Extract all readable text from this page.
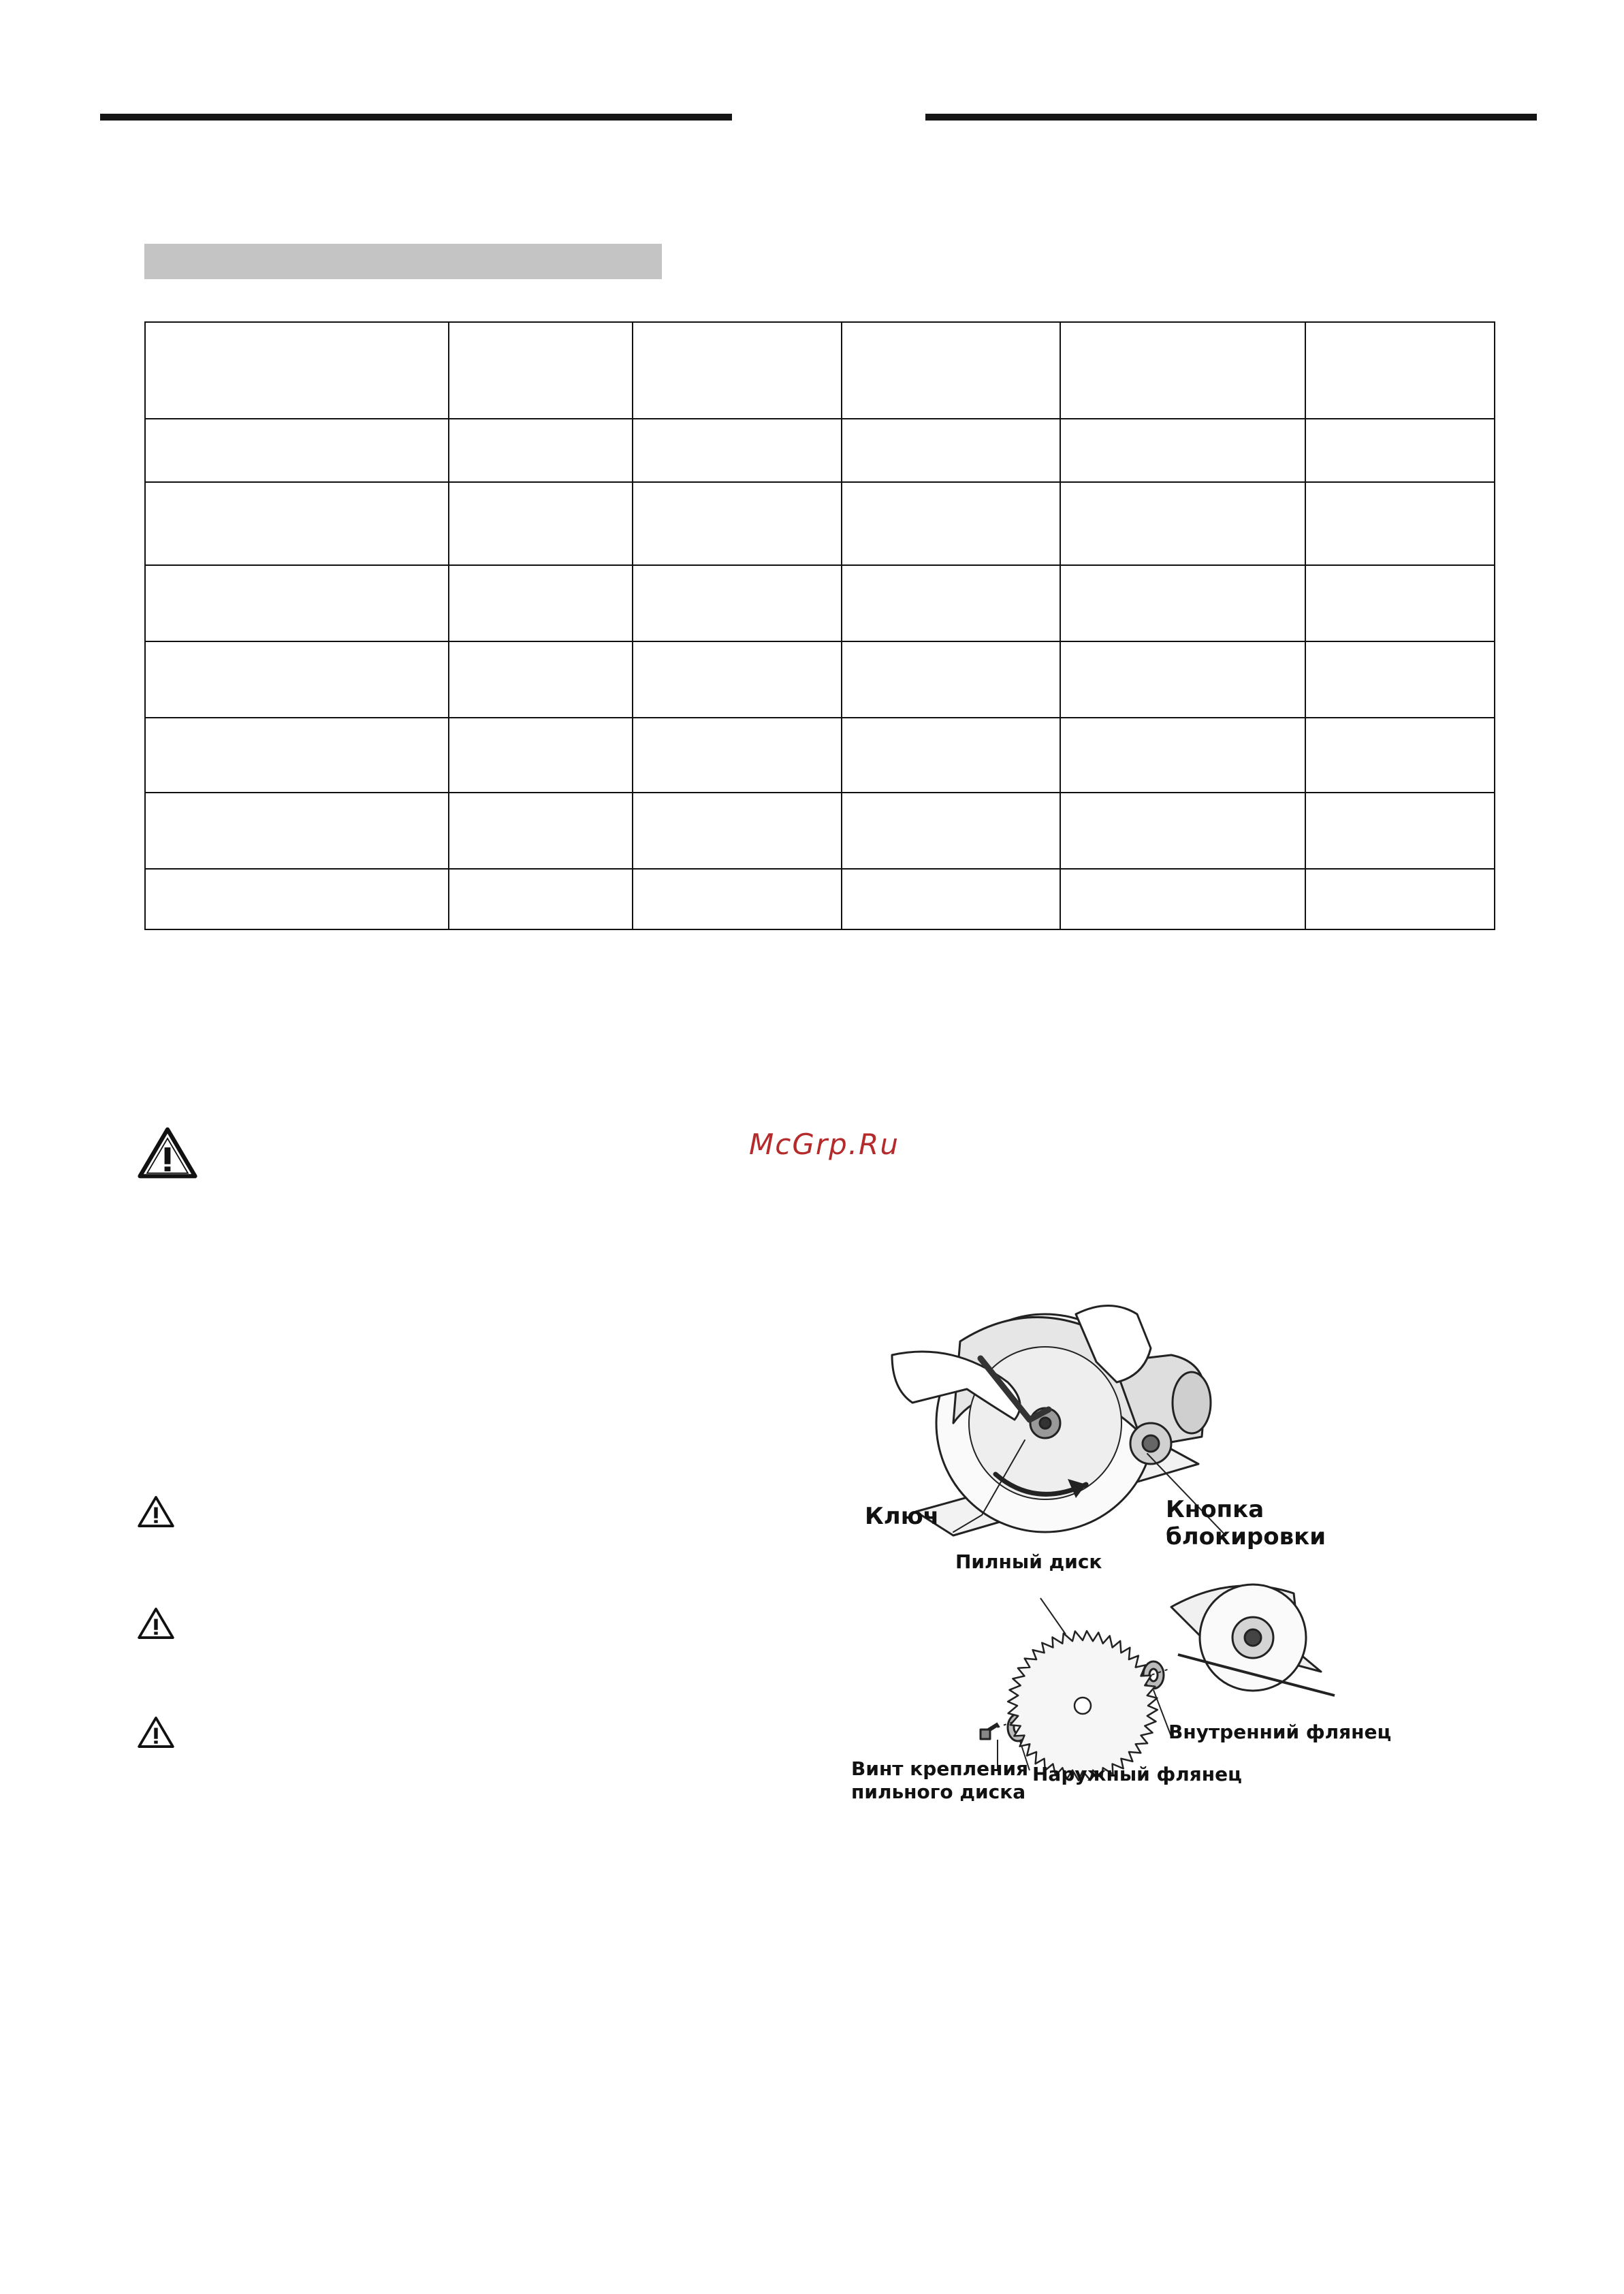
McGrp.Ru
Ключ	Кнопка
блокировки
Пилный диск
Внутренний флянец
Наружный флянец
Винт крепления
пильного диска
